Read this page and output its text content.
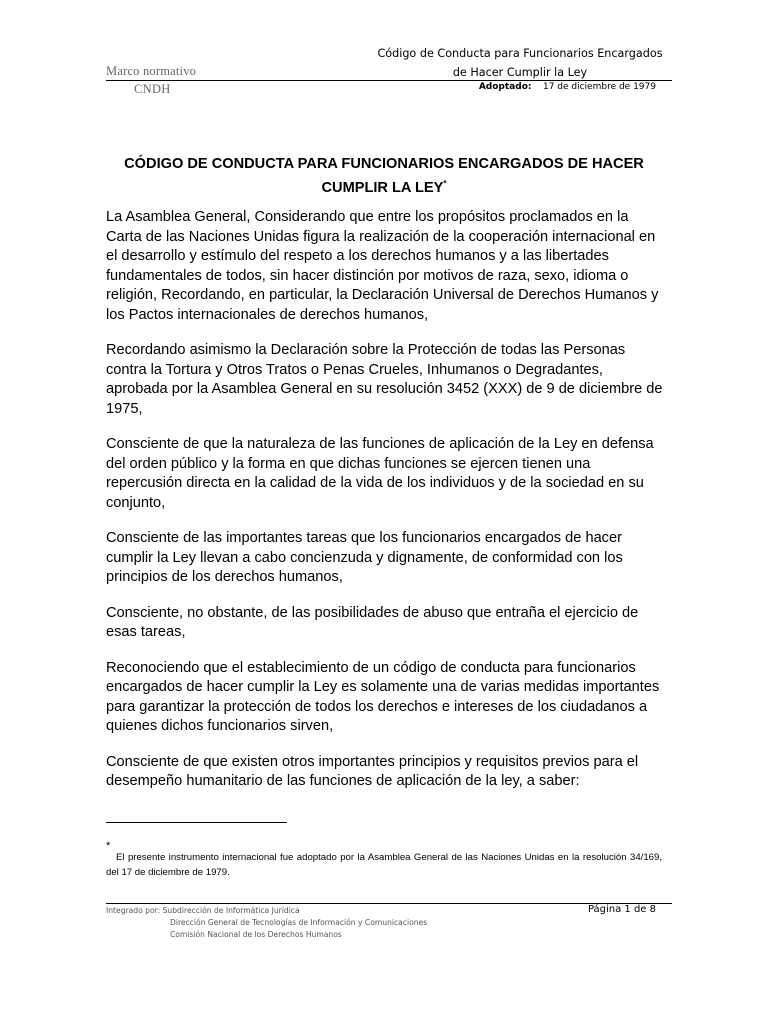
Marco normativo
CNDH
Código de Conducta para Funcionarios Encargados
de Hacer Cumplir la Ley
Adoptado: 17 de diciembre de 1979
CÓDIGO DE CONDUCTA PARA FUNCIONARIOS ENCARGADOS DE HACER
CUMPLIR LA LEY*

La Asamblea General, Considerando que entre los propósitos proclamados en la Carta de las Naciones Unidas figura la realización de la cooperación internacional en el desarrollo y estímulo del respeto a los derechos humanos y a las libertades fundamentales de todos, sin hacer distinción por motivos de raza, sexo, idioma o religión, Recordando, en particular, la Declaración Universal de Derechos Humanos y los Pactos internacionales de derechos humanos,

Recordando asimismo la Declaración sobre la Protección de todas las Personas contra la Tortura y Otros Tratos o Penas Crueles, Inhumanos o Degradantes, aprobada por la Asamblea General en su resolución 3452 (XXX) de 9 de diciembre de 1975,

Consciente de que la naturaleza de las funciones de aplicación de la Ley en defensa del orden público y la forma en que dichas funciones se ejercen tienen una repercusión directa en la calidad de la vida de los individuos y de la sociedad en su conjunto,

Consciente de las importantes tareas que los funcionarios encargados de hacer cumplir la Ley llevan a cabo concienzuda y dignamente, de conformidad con los principios de los derechos humanos,

Consciente, no obstante, de las posibilidades de abuso que entraña el ejercicio de esas tareas,

Reconociendo que el establecimiento de un código de conducta para funcionarios encargados de hacer cumplir la Ley es solamente una de varias medidas importantes para garantizar la protección de todos los derechos e intereses de los ciudadanos a quienes dichos funcionarios sirven,

Consciente de que existen otros importantes principios y requisitos previos para el desempeño humanitario de las funciones de aplicación de la ley, a saber:

*
El presente instrumento internacional fue adoptado por la Asamblea General de las Naciones Unidas en la resolución 34/169, del 17 de diciembre de 1979.
Integrado por: Subdirección de Informática Jurídica
Dirección General de Tecnologías de Información y Comunicaciones
Comisión Nacional de los Derechos Humanos
Página 1 de 8
